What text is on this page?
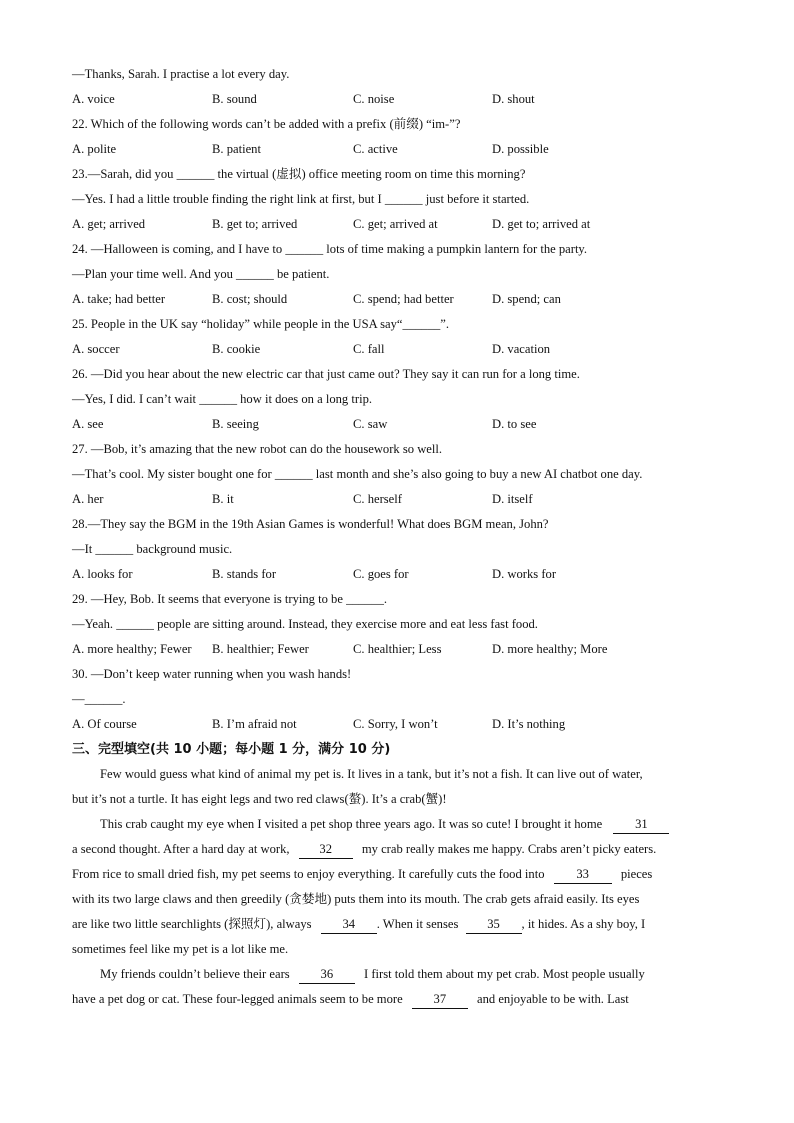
—Thanks, Sarah. I practise a lot every day.
A. voice	B. sound	C. noise	D. shout
22. Which of the following words can’t be added with a prefix (前缀) “im-”?
A. polite	B. patient	C. active	D. possible
23.—Sarah, did you ______ the virtual (虚拟) office meeting room on time this morning?
—Yes. I had a little trouble finding the right link at first, but I ______ just before it started.
A. get; arrived	B. get to; arrived	C. get; arrived at	D. get to; arrived at
24. —Halloween is coming, and I have to ______ lots of time making a pumpkin lantern for the party.
—Plan your time well. And you ______ be patient.
A. take; had better	B. cost; should	C. spend; had better	D. spend; can
25. People in the UK say “holiday” while people in the USA say“______”.
A. soccer	B. cookie	C. fall	D. vacation
26. —Did you hear about the new electric car that just came out? They say it can run for a long time.
—Yes, I did. I can’t wait ______ how it does on a long trip.
A. see	B. seeing	C. saw	D. to see
27. —Bob, it’s amazing that the new robot can do the housework so well.
—That’s cool. My sister bought one for ______ last month and she’s also going to buy a new AI chatbot one day.
A. her	B. it	C. herself	D. itself
28.—They say the BGM in the 19th Asian Games is wonderful! What does BGM mean, John?
—It ______ background music.
A. looks for	B. stands for	C. goes for	D. works for
29. —Hey, Bob. It seems that everyone is trying to be ______.
—Yeah. ______ people are sitting around. Instead, they exercise more and eat less fast food.
A. more healthy; Fewer	B. healthier; Fewer	C. healthier; Less	D. more healthy; More
30. —Don’t keep water running when you wash hands!
—______.
A. Of course	B. I’m afraid not	C. Sorry, I won’t	D. It’s nothing
三、完型填空(共 10 小题；每小题 1 分，满分 10 分)
Few would guess what kind of animal my pet is. It lives in a tank, but it’s not a fish. It can live out of water,
but it’s not a turtle. It has eight legs and two red claws(螯). It’s a crab(蟹)!
This crab caught my eye when I visited a pet shop three years ago. It was so cute! I brought it home	31
a second thought. After a hard day at work, 32 my crab really makes me happy. Crabs aren’t picky eaters.
From rice to small dried fish, my pet seems to enjoy everything. It carefully cuts the food into	33	pieces
with its two large claws and then greedily (贪婪地) puts them into its mouth. The crab gets afraid easily. Its eyes
are like two little searchlights (探照灯), always 34 . When it senses 35 , it hides. As a shy boy, I
sometimes feel like my pet is a lot like me.
My friends couldn’t believe their ears 36 I first told them about my pet crab. Most people usually
have a pet dog or cat. These four-legged animals seem to be more 37 and enjoyable to be with. Last
